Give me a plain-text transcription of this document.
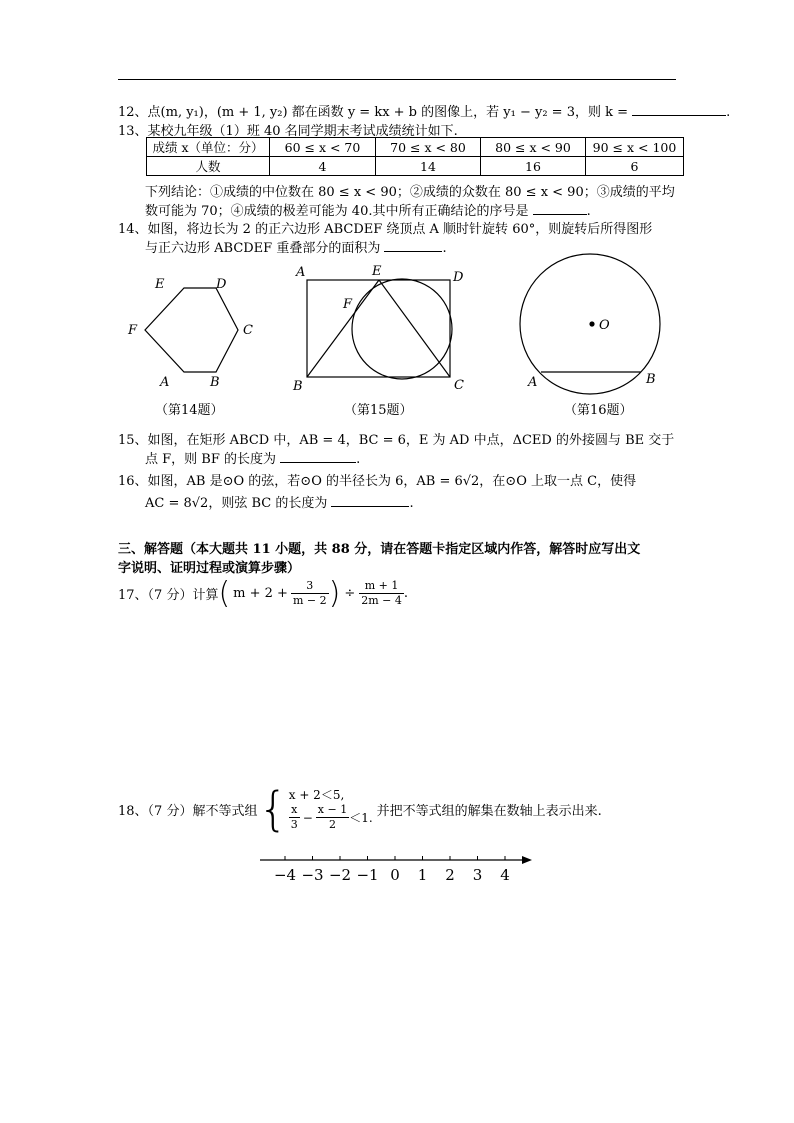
12、点(m, y₁)，(m + 1, y₂) 都在函数 y = kx + b 的图像上，若 y₁ − y₂ = 3，则 k =	.
13、某校九年级（1）班 40 名同学期末考试成绩统计如下.
成绩 x（单位：分）	60 ≤ x < 70	70 ≤ x < 80	80 ≤ x < 90	90 ≤ x < 100
人数	4	14	16	6
下列结论：①成绩的中位数在 80 ≤ x < 90；②成绩的众数在 80 ≤ x < 90；③成绩的平均
数可能为 70；④成绩的极差可能为 40.其中所有正确结论的序号是	.
14、如图，将边长为 2 的正六边形 ABCDEF 绕顶点 A 顺时针旋转 60°，则旋转后所得图形
与正六边形 ABCDEF 重叠部分的面积为	.
E	D
F	C
A	B
（第14题）
A	E	D
F
B	C
（第15题）
O
A	B
（第16题）
15、如图，在矩形 ABCD 中，AB = 4，BC = 6，E 为 AD 中点，ΔCED 的外接圆与 BE 交于
点 F，则 BF 的长度为	.
16、如图，AB 是⊙O 的弦，若⊙O 的半径长为 6，AB = 6√2，在⊙O 上取一点 C，使得
AC = 8√2，则弦 BC 的长度为	.
三、解答题（本大题共 11 小题，共 88 分，请在答题卡指定区域内作答，解答时应写出文
字说明、证明过程或演算步骤）
17、（7 分）计算 ( $m + 2 + \frac{3}{m - 2}$ ) ÷ $\frac{m + 1}{2m - 4}$ .
18、（7 分）解不等式组 { x + 2＜5,
$\frac{x}{3} - \frac{x - 1}{2} <1$. 并把不等式组的解集在数轴上表示出来.
−4 −3 −2 −1 0 1 2 3 4
